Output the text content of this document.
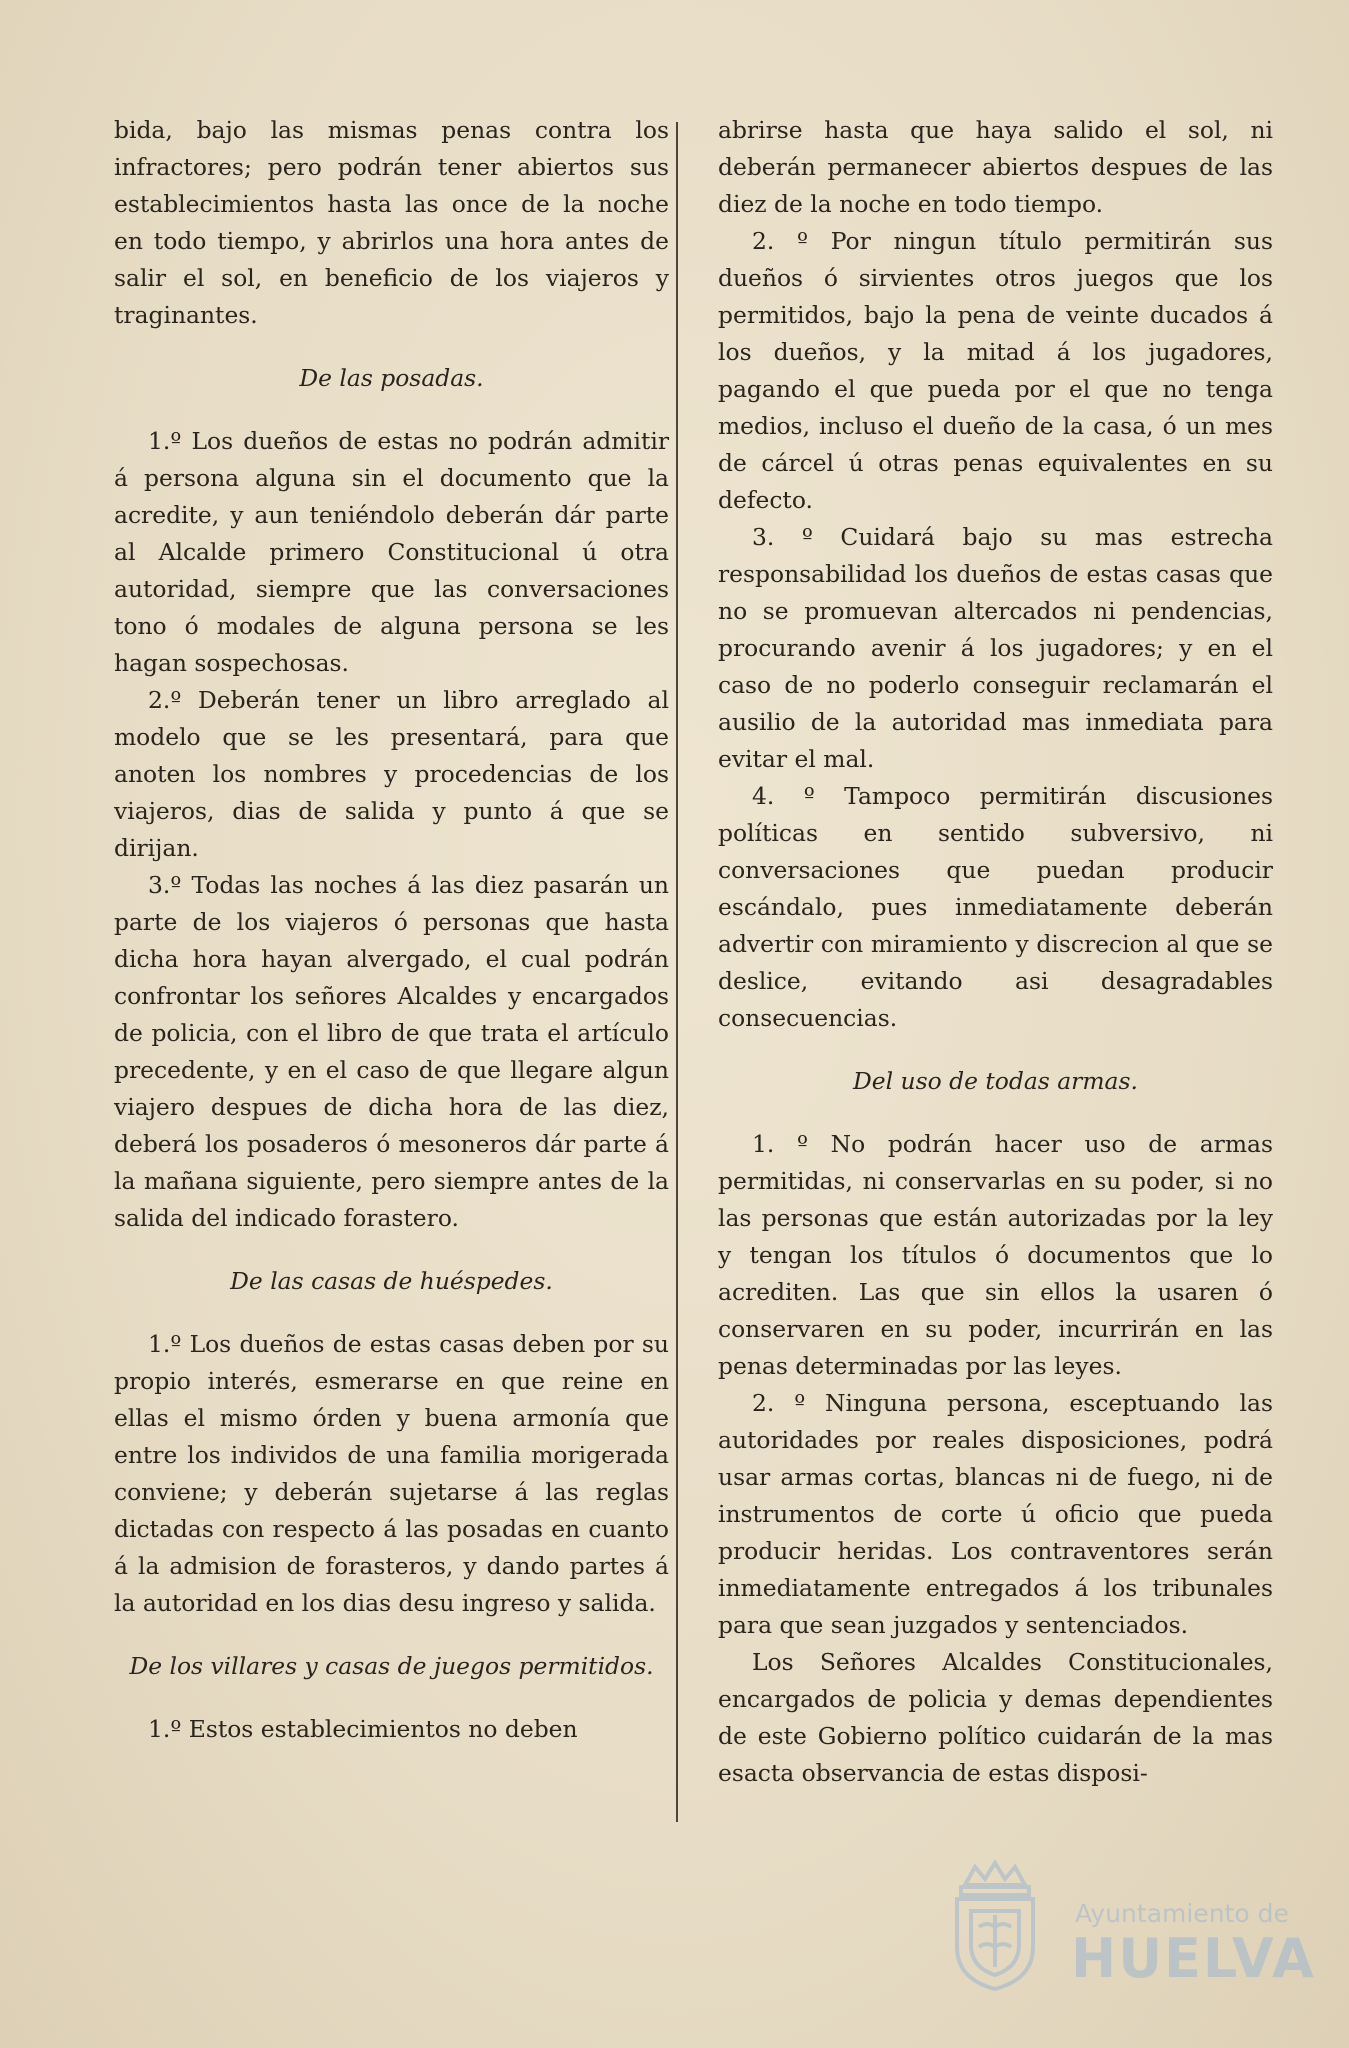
bida, bajo las mismas penas contra los infractores; pero podrán tener abiertos sus establecimientos hasta las once de la noche en todo tiempo, y abrirlos una hora antes de salir el sol, en beneficio de los viajeros y traginantes.

De las posadas.

1.º Los dueños de estas no podrán admitir á persona alguna sin el documento que la acredite, y aun teniéndolo deberán dár parte al Alcalde primero Constitucional ú otra autoridad, siempre que las conversaciones tono ó modales de alguna persona se les hagan sospechosas.

2.º Deberán tener un libro arreglado al modelo que se les presentará, para que anoten los nombres y procedencias de los viajeros, dias de salida y punto á que se dirijan.

3.º Todas las noches á las diez pasarán un parte de los viajeros ó personas que hasta dicha hora hayan alvergado, el cual podrán confrontar los señores Alcaldes y encargados de policia, con el libro de que trata el artículo precedente, y en el caso de que llegare algun viajero despues de dicha hora de las diez, deberá los posaderos ó mesoneros dár parte á la mañana siguiente, pero siempre antes de la salida del indicado forastero.

De las casas de huéspedes.

1.º Los dueños de estas casas deben por su propio interés, esmerarse en que reine en ellas el mismo órden y buena armonía que entre los individos de una familia morigerada conviene; y deberán sujetarse á las reglas dictadas con respecto á las posadas en cuanto á la admision de forasteros, y dando partes á la autoridad en los dias desu ingreso y salida.

De los villares y casas de juegos permitidos.

1.º Estos establecimientos no deben

abrirse hasta que haya salido el sol, ni deberán permanecer abiertos despues de las diez de la noche en todo tiempo.

2. º Por ningun título permitirán sus dueños ó sirvientes otros juegos que los permitidos, bajo la pena de veinte ducados á los dueños, y la mitad á los jugadores, pagando el que pueda por el que no tenga medios, incluso el dueño de la casa, ó un mes de cárcel ú otras penas equivalentes en su defecto.

3. º Cuidará bajo su mas estrecha responsabilidad los dueños de estas casas que no se promuevan altercados ni pendencias, procurando avenir á los jugadores; y en el caso de no poderlo conseguir reclamarán el ausilio de la autoridad mas inmediata para evitar el mal.

4. º Tampoco permitirán discusiones políticas en sentido subversivo, ni conversaciones que puedan producir escándalo, pues inmediatamente deberán advertir con miramiento y discrecion al que se deslice, evitando asi desagradables consecuencias.

Del uso de todas armas.

1. º No podrán hacer uso de armas permitidas, ni conservarlas en su poder, si no las personas que están autorizadas por la ley y tengan los títulos ó documentos que lo acrediten. Las que sin ellos la usaren ó conservaren en su poder, incurrirán en las penas determinadas por las leyes.

2. º Ninguna persona, esceptuando las autoridades por reales disposiciones, podrá usar armas cortas, blancas ni de fuego, ni de instrumentos de corte ú oficio que pueda producir heridas. Los contraventores serán inmediatamente entregados á los tribunales para que sean juzgados y sentenciados.

Los Señores Alcaldes Constitucionales, encargados de policia y demas dependientes de este Gobierno político cuidarán de la mas esacta observancia de estas disposi-

Ayuntamiento de
HUELVA
